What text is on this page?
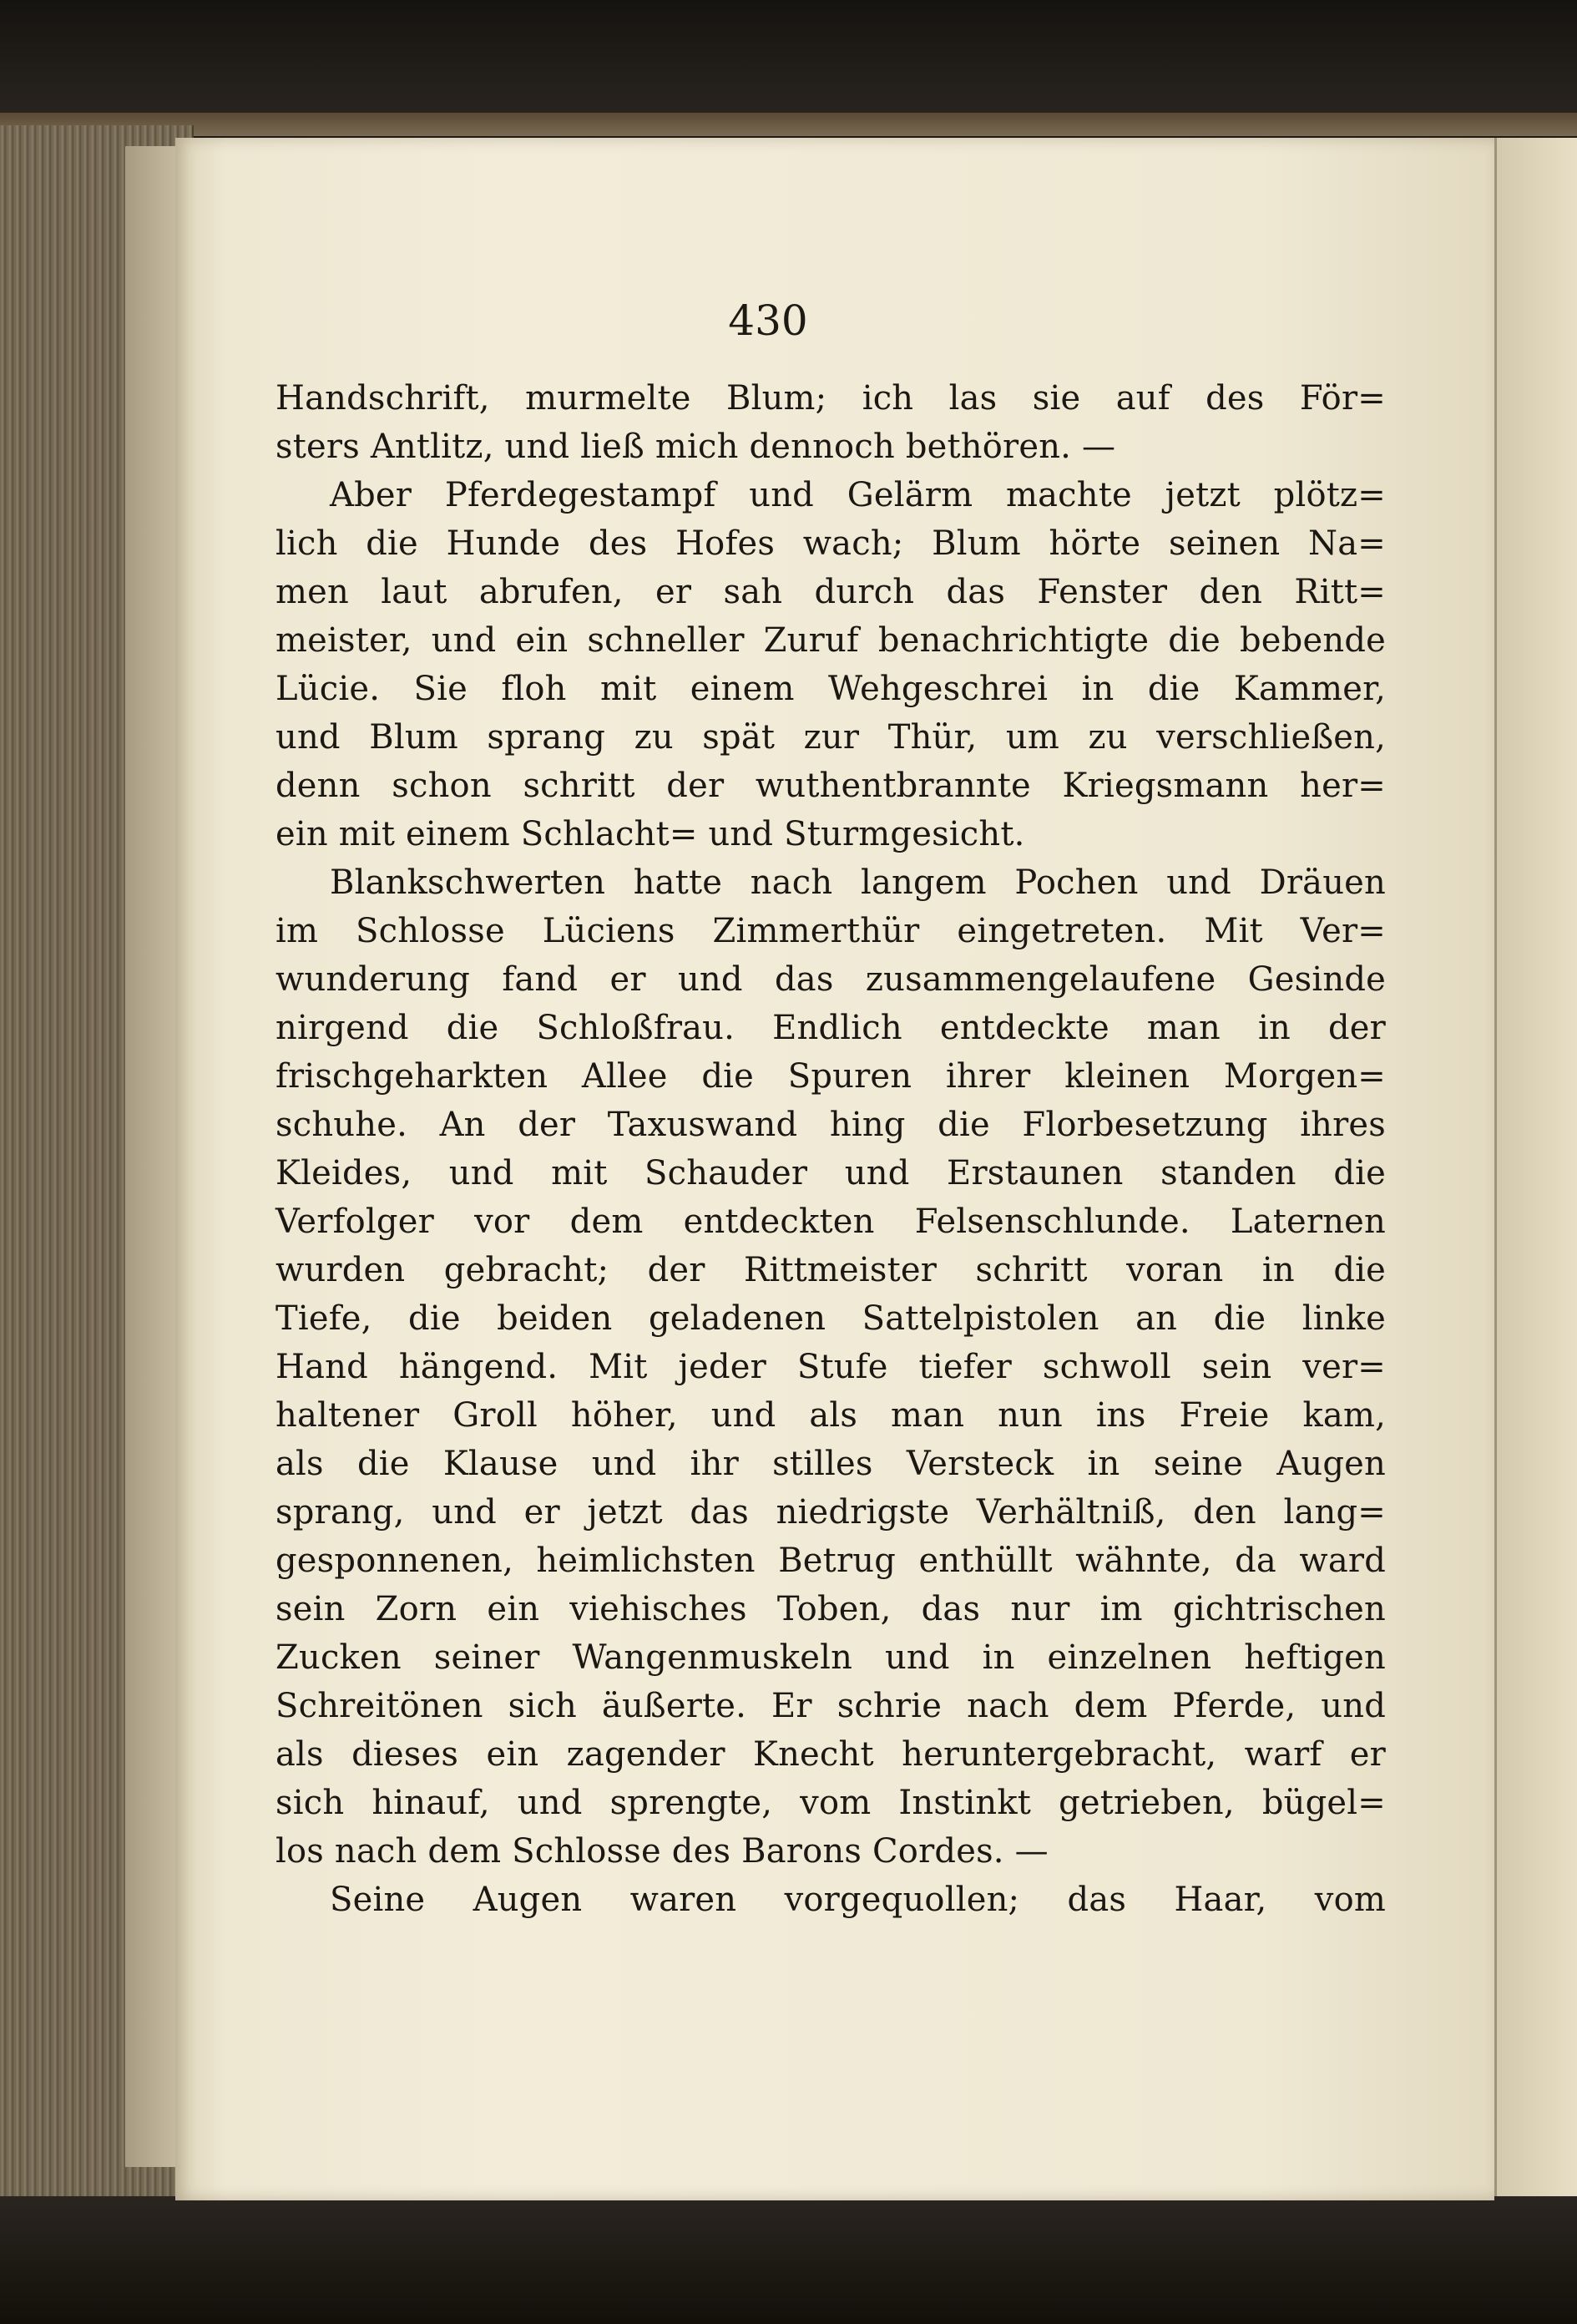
430
Handschrift, murmelte Blum; ich las sie auf des För=
sters Antlitz, und ließ mich dennoch bethören. —
Aber Pferdegestampf und Gelärm machte jetzt plötz=
lich die Hunde des Hofes wach; Blum hörte seinen Na=
men laut abrufen, er sah durch das Fenster den Ritt=
meister, und ein schneller Zuruf benachrichtigte die bebende
Lücie. Sie floh mit einem Wehgeschrei in die Kammer,
und Blum sprang zu spät zur Thür, um zu verschließen,
denn schon schritt der wuthentbrannte Kriegsmann her=
ein mit einem Schlacht= und Sturmgesicht.
Blankschwerten hatte nach langem Pochen und Dräuen
im Schlosse Lüciens Zimmerthür eingetreten. Mit Ver=
wunderung fand er und das zusammengelaufene Gesinde
nirgend die Schloßfrau. Endlich entdeckte man in der
frischgeharkten Allee die Spuren ihrer kleinen Morgen=
schuhe. An der Taxuswand hing die Florbesetzung ihres
Kleides, und mit Schauder und Erstaunen standen die
Verfolger vor dem entdeckten Felsenschlunde. Laternen
wurden gebracht; der Rittmeister schritt voran in die
Tiefe, die beiden geladenen Sattelpistolen an die linke
Hand hängend. Mit jeder Stufe tiefer schwoll sein ver=
haltener Groll höher, und als man nun ins Freie kam,
als die Klause und ihr stilles Versteck in seine Augen
sprang, und er jetzt das niedrigste Verhältniß, den lang=
gesponnenen, heimlichsten Betrug enthüllt wähnte, da ward
sein Zorn ein viehisches Toben, das nur im gichtrischen
Zucken seiner Wangenmuskeln und in einzelnen heftigen
Schreitönen sich äußerte. Er schrie nach dem Pferde, und
als dieses ein zagender Knecht heruntergebracht, warf er
sich hinauf, und sprengte, vom Instinkt getrieben, bügel=
los nach dem Schlosse des Barons Cordes. —
Seine Augen waren vorgequollen; das Haar, vom
